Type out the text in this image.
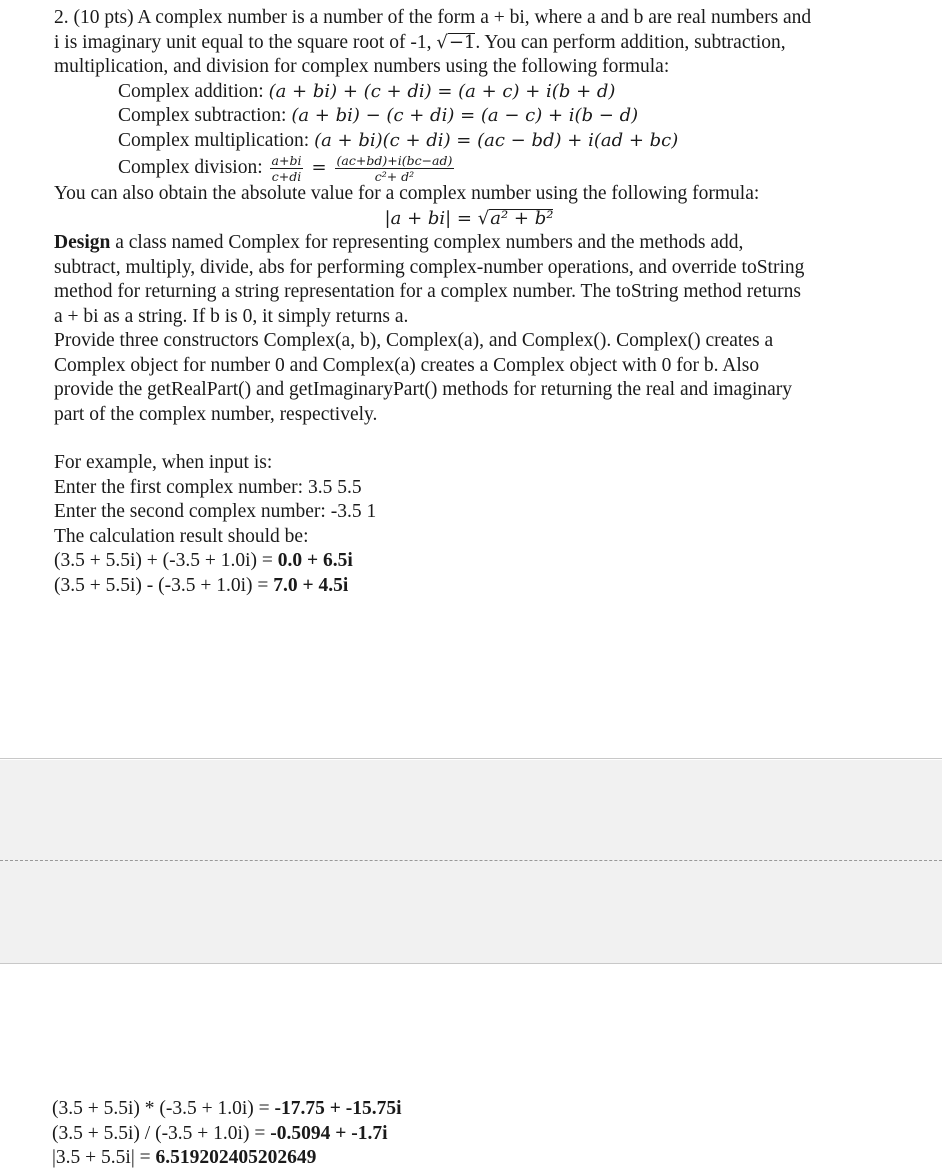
2. (10 pts) A complex number is a number of the form a + bi, where a and b are real numbers and
i is imaginary unit equal to the square root of -1, √−1. You can perform addition, subtraction,
multiplication, and division for complex numbers using the following formula:
Complex addition: (a + bi) + (c + di) = (a + c) + i(b + d)
Complex subtraction: (a + bi) − (c + di) = (a − c) + i(b − d)
Complex multiplication: (a + bi)(c + di) = (ac − bd) + i(ad + bc)
Complex division: $\frac{a+bi}{c+di} = \frac{(ac+bd)+i(bc-ad)}{\text{c²+ d²}}$
You can also obtain the absolute value for a complex number using the following formula:
|a + bi| = √a² + b²
Design a class named Complex for representing complex numbers and the methods add,
subtract, multiply, divide, abs for performing complex-number operations, and override toString
method for returning a string representation for a complex number. The toString method returns
a + bi as a string. If b is 0, it simply returns a.
Provide three constructors Complex(a, b), Complex(a), and Complex(). Complex() creates a
Complex object for number 0 and Complex(a) creates a Complex object with 0 for b. Also
provide the getRealPart() and getImaginaryPart() methods for returning the real and imaginary
part of the complex number, respectively.
For example, when input is:
Enter the first complex number: 3.5 5.5
Enter the second complex number: -3.5 1
The calculation result should be:
(3.5 + 5.5i) + (-3.5 + 1.0i) = 0.0 + 6.5i
(3.5 + 5.5i) - (-3.5 + 1.0i) = 7.0 + 4.5i
(3.5 + 5.5i) * (-3.5 + 1.0i) = -17.75 + -15.75i
(3.5 + 5.5i) / (-3.5 + 1.0i) = -0.5094 + -1.7i
|3.5 + 5.5i| = 6.519202405202649
